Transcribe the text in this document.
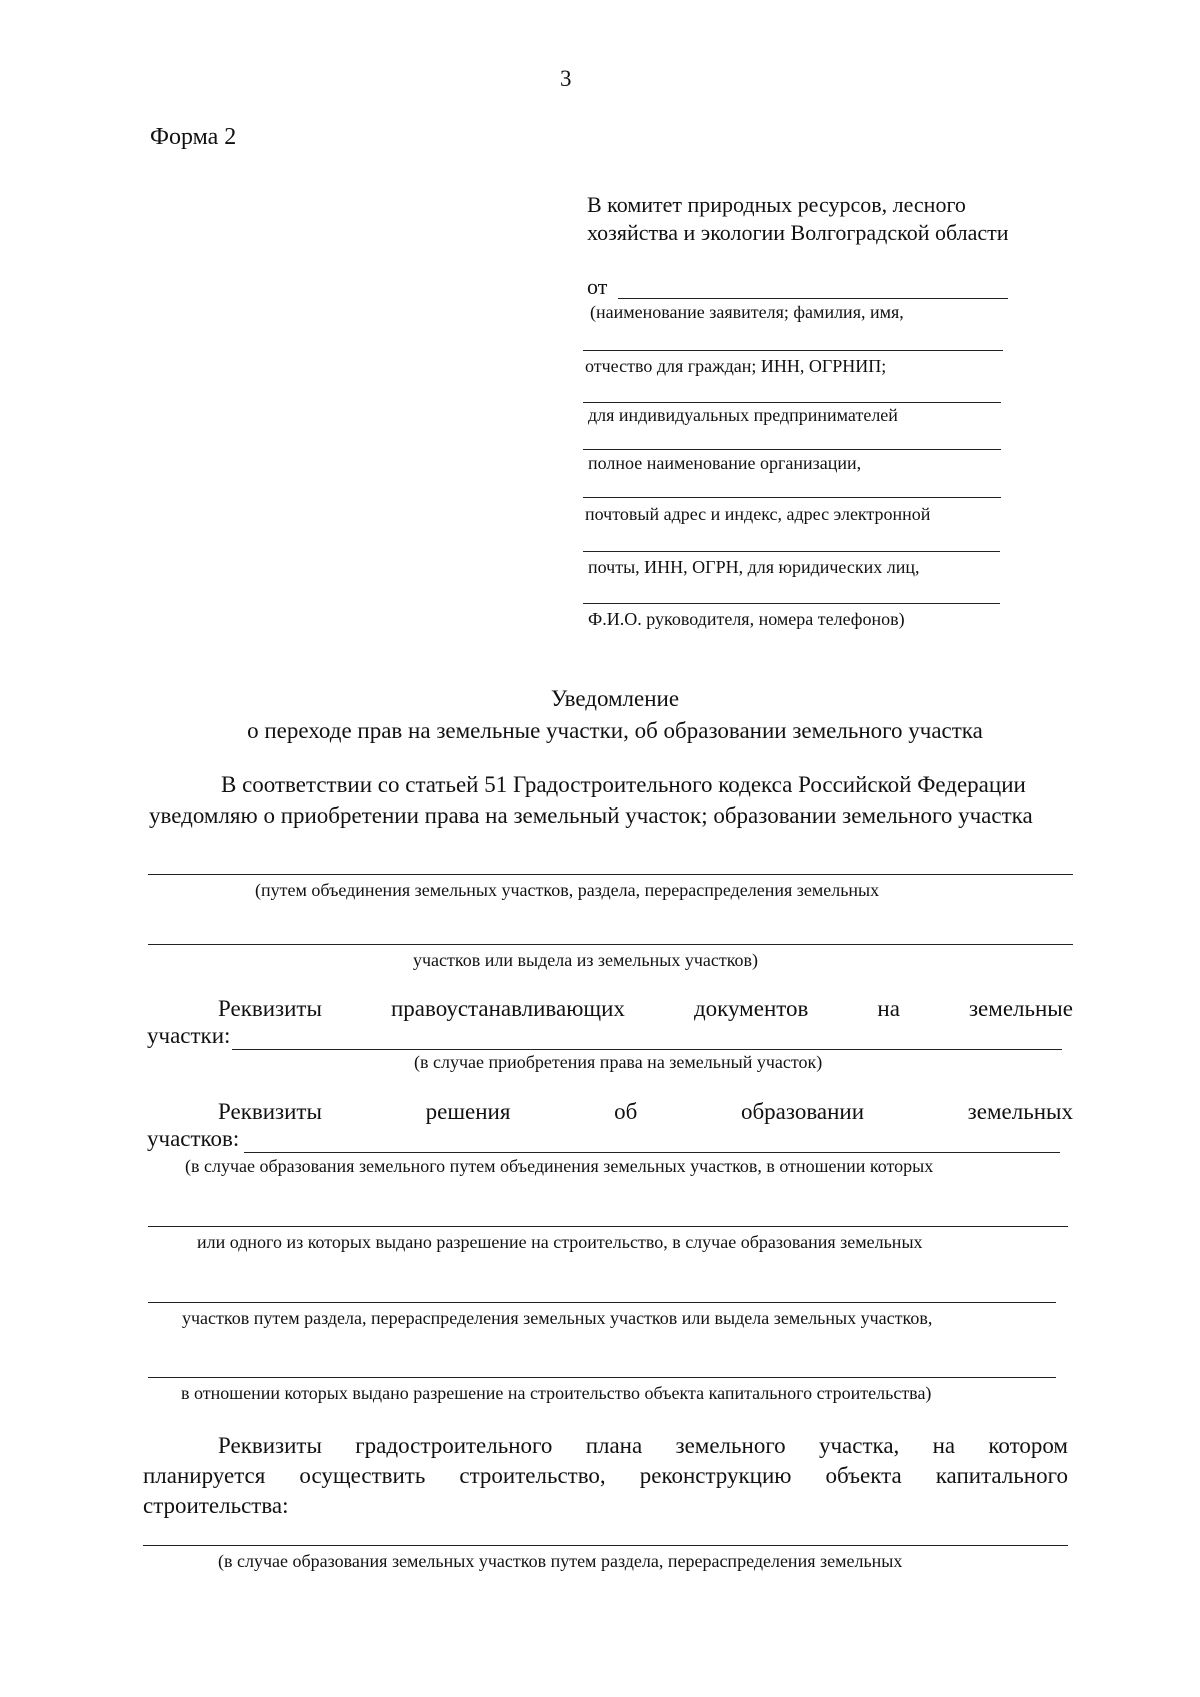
3
Форма 2
В комитет природных ресурсов, лесного
хозяйства и экологии Волгоградской области
от
(наименование заявителя; фамилия, имя,
отчество для граждан; ИНН, ОГРНИП;
для индивидуальных предпринимателей
полное наименование организации,
почтовый адрес и индекс, адрес электронной
почты, ИНН, ОГРН, для юридических лиц,
Ф.И.О. руководителя, номера телефонов)
Уведомление
о переходе прав на земельные участки, об образовании земельного участка
В соответствии со статьей 51 Градостроительного кодекса Российской Федерации
уведомляю о приобретении права на земельный участок; образовании земельного участка
(путем объединения земельных участков, раздела, перераспределения земельных
участков или выдела из земельных участков)
Реквизиты	правоустанавливающих	документов	на	земельные
участки:
(в случае приобретения права на земельный участок)
Реквизиты	решения	об	образовании	земельных
участков:
(в случае образования земельного путем объединения земельных участков, в отношении которых
или одного из которых выдано разрешение на строительство, в случае образования земельных
участков путем раздела, перераспределения земельных участков или выдела земельных участков,
в отношении которых выдано разрешение на строительство объекта капитального строительства)
Реквизиты градостроительного плана земельного участка, на котором
планируется осуществить строительство, реконструкцию объекта капитального
строительства:
(в случае образования земельных участков путем раздела, перераспределения земельных
